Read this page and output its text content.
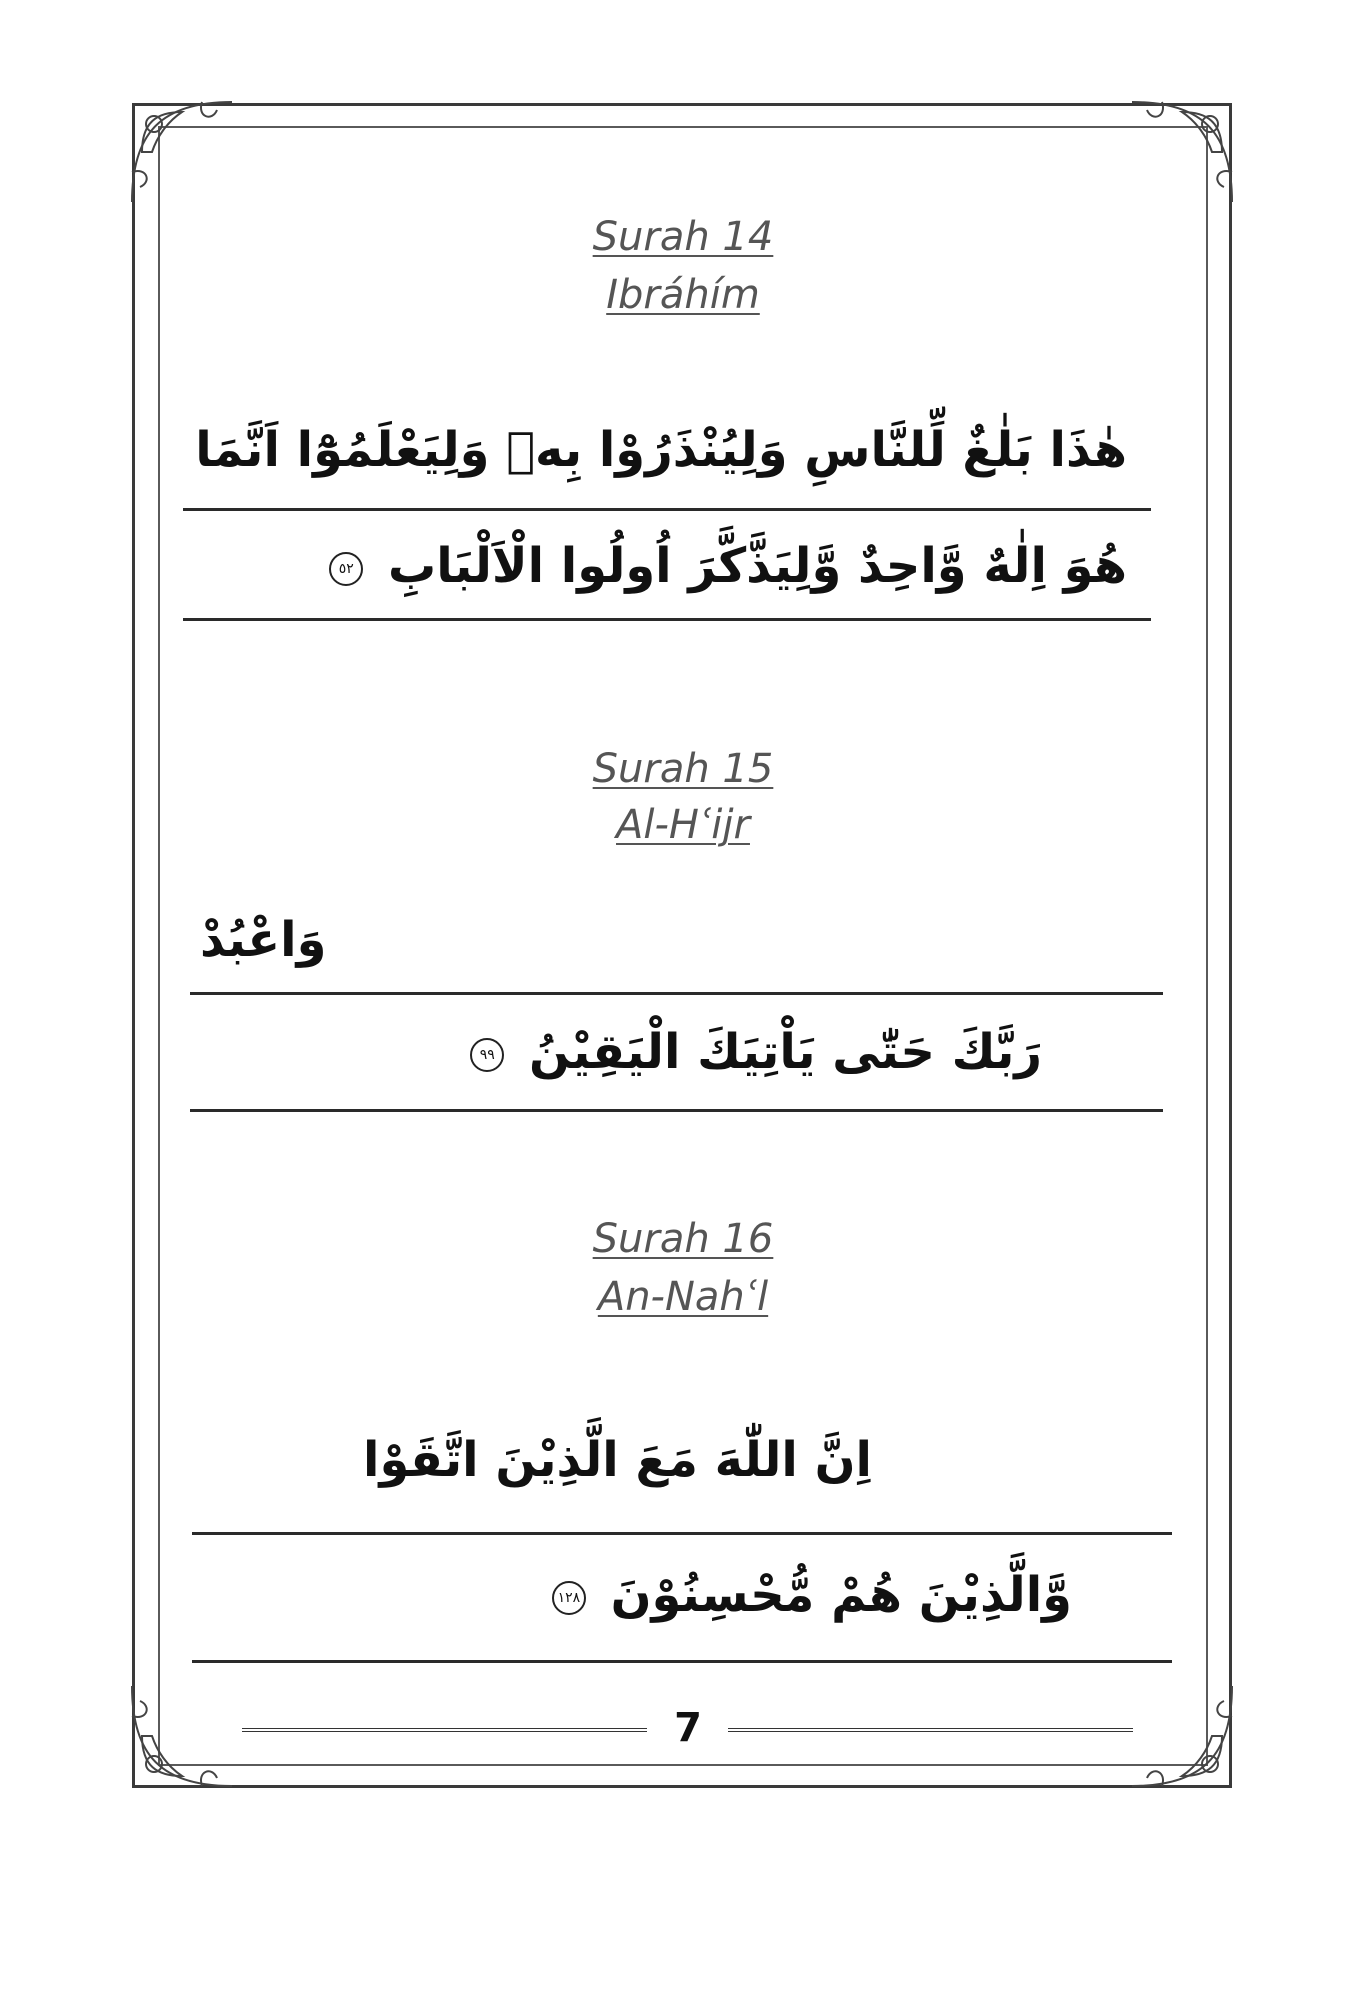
Surah 14
Ibráhím
هٰذَا بَلٰغٌ لِّلنَّاسِ وَلِيُنْذَرُوْا بِهٖ وَلِيَعْلَمُوْٓا اَنَّمَا
هُوَ اِلٰهٌ وَّاحِدٌ وَّلِيَذَّكَّرَ اُولُوا الْاَلْبَابِ ٥٢
Surah 15
Al-Hʿijr
وَاعْبُدْ
رَبَّكَ حَتّٰى يَاْتِيَكَ الْيَقِيْنُ ٩٩
Surah 16
An-Nahʿl
اِنَّ اللّٰهَ مَعَ الَّذِيْنَ اتَّقَوْا
وَّالَّذِيْنَ هُمْ مُّحْسِنُوْنَ ١٢٨
7
